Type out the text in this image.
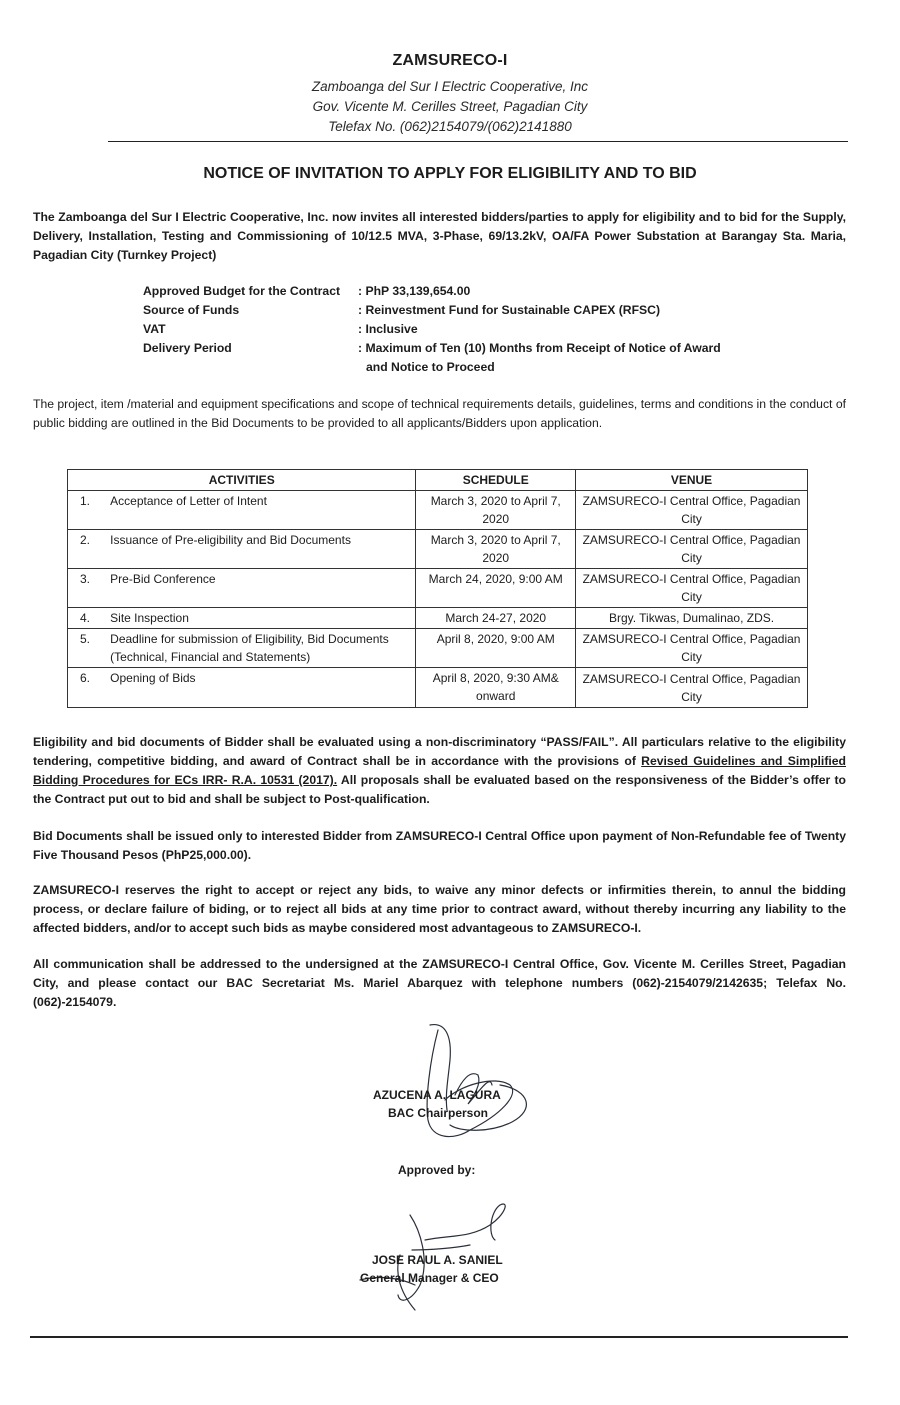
ZAMSURECO-I
Zamboanga del Sur I Electric Cooperative, Inc
Gov. Vicente M. Cerilles Street, Pagadian City
Telefax No. (062)2154079/(062)2141880
NOTICE OF INVITATION TO APPLY FOR ELIGIBILITY AND TO BID
The Zamboanga del Sur I Electric Cooperative, Inc. now invites all interested bidders/parties to apply for eligibility and to bid for the Supply, Delivery, Installation, Testing and Commissioning of 10/12.5 MVA, 3-Phase, 69/13.2kV, OA/FA Power Substation at Barangay Sta. Maria, Pagadian City (Turnkey Project)
Approved Budget for the Contract : PhP 33,139,654.00
Source of Funds	: Reinvestment Fund for Sustainable CAPEX (RFSC)
VAT	: Inclusive
Delivery Period	: Maximum of Ten (10) Months from Receipt of Notice of Award
and Notice to Proceed
The project, item /material and equipment specifications and scope of technical requirements details, guidelines, terms and conditions in the conduct of public bidding are outlined in the Bid Documents to be provided to all applicants/Bidders upon application.
ACTIVITIES		SCHEDULE	VENUE
1.	Acceptance of Letter of Intent	March 3, 2020 to April 7, 2020	ZAMSURECO-I Central Office, Pagadian City
2.	Issuance of Pre-eligibility and Bid Documents	March 3, 2020 to April 7, 2020	ZAMSURECO-I Central Office, Pagadian City
3.	Pre-Bid Conference	March 24, 2020, 9:00 AM	ZAMSURECO-I Central Office, Pagadian City
4.	Site Inspection	March 24-27, 2020	Brgy. Tikwas, Dumalinao, ZDS.
5.	Deadline for submission of Eligibility, Bid Documents (Technical, Financial and Statements)	April 8, 2020, 9:00 AM	ZAMSURECO-I Central Office, Pagadian City
6.	Opening of Bids	April 8, 2020, 9:30 AM& onward	ZAMSURECO-I Central Office, Pagadian City
Eligibility and bid documents of Bidder shall be evaluated using a non-discriminatory “PASS/FAIL”. All particulars relative to the eligibility tendering, competitive bidding, and award of Contract shall be in accordance with the provisions of Revised Guidelines and Simplified Bidding Procedures for ECs IRR- R.A. 10531 (2017). All proposals shall be evaluated based on the responsiveness of the Bidder’s offer to the Contract put out to bid and shall be subject to Post-qualification.
Bid Documents shall be issued only to interested Bidder from ZAMSURECO-I Central Office upon payment of Non-Refundable fee of Twenty Five Thousand Pesos (PhP25,000.00).
ZAMSURECO-I reserves the right to accept or reject any bids, to waive any minor defects or infirmities therein, to annul the bidding process, or declare failure of biding, or to reject all bids at any time prior to contract award, without thereby incurring any liability to the affected bidders, and/or to accept such bids as maybe considered most advantageous to ZAMSURECO-I.
All communication shall be addressed to the undersigned at the ZAMSURECO-I Central Office, Gov. Vicente M. Cerilles Street, Pagadian City, and please contact our BAC Secretariat Ms. Mariel Abarquez with telephone numbers (062)-2154079/2142635; Telefax No. (062)-2154079.
AZUCENA A. LAGURA
BAC Chairperson
Approved by:
JOSE RAUL A. SANIEL
General Manager & CEO
